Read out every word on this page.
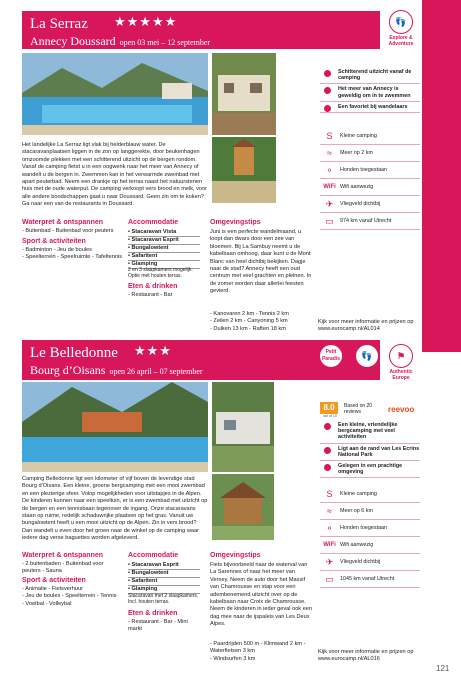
Franse Alpen - Frankrijk
La Serraz ★★★★★
Annecy Doussard open 03 mei – 12 september
👣
Explore & Adventure
Het landelijke La Serraz ligt vlak bij helderblauw water. De stacaravanplaatsen liggen in de zon op langgerekte, door beukenhagen omzoomde plekken met een schitterend uitzicht op de bergen rondom. Vanaf de camping fietst u in een oogwenk naar het meer van Annecy of wandelt u de bergen in. Zwemmen kan in het verwarmde zwembad met apart peuterbad. Neem een drankje op het terras naast het natuurstenen huis met de oude waterput. De camping verkoopt vers brood en melk, voor alle andere boodschappen gaat u naar Doussard. Geen zin om te koken? Ga naar een van de restaurants in Doussard.
Waterpret & ontspannen
- Buitenbad - Buitenbad voor peuters
Sport & activiteiten
- Badminton - Jeu de boules
- Speelterrein - Speelruimte - Tafeltennis
Accommodatie
• Stacaravan Vista
• Stacaravan Esprit
• Bungalowtent
• Safaritent
• Glamping
2 en 3 slaapkamers mogelijk. Optie met houten terras.
Eten & drinken
- Restaurant - Bar
Omgevingstips
Juni is een perfecte wandelmaand, u loopt dan dwars door een zee van bloemen. Bij La Sambuy neemt u de kabelbaan omhoog, daar kunt u de Mont Blanc van heel dichtbij bekijken. Dagje naar de stad? Annecy heeft een oud centrum met veel grachten en pleinen. In de zomer worden daar allerlei feesten gevierd.
- Kanovaren 2 km - Tennis 2 km
- Zeilen 2 km - Canyoning 5 km
- Duiken 13 km - Raften 18 km
Kijk voor meer informatie en prijzen op
www.eurocamp.nl/AL014
Schitterend uitzicht vanaf de camping
Het meer van Annecy is geweldig om in te zwemmen
Een favoriet bij wandelaars
S	Kleine camping
≈	Meer op 2 km
⚬	Honden toegestaan
WiFi Wifi aanwezig
✈	Vliegveld dichtbij
▭	974 km vanaf Utrecht
Le Belledonne ★★★
Bourg d’Oisans open 26 april – 07 september
Petit Paradis	👣
Explore & Adventure
⚑
Authentic Europe
8.0
out of 10
Based on 20 reviews	reevoo
Camping Belledonne ligt een kilometer of vijf boven de levendige stad Bourg d’Oisans. Een kleine, groene bergcamping met een mooi zwembad en een plezierige sfeer. Volop mogelijkheden voor uitstapjes in de Alpen. De kinderen kunnen naar een speeltuin, er is een zwembad met uitzicht op de bergen en een tennisbaan tegenover de ingang. Onze stacaravans staan op ruime, redelijk schaduwrijke plaatsen op het gras. Vanuit uw bungalowtent heeft u een mooi uitzicht op de Alpen. Zin in vers brood? Dan wandelt u even door het groen naar de winkel op de camping waar iedere dag verse baguettes worden afgeleverd.
Waterpret & ontspannen
- 2 buitenbaden - Buitenbad voor peuters - Sauna
Sport & activiteiten
- Animatie - Fietsverhuur
- Jeu de boules - Speelterrein - Tennis
- Voetbal - Volleybal
Accommodatie
• Stacaravan Esprit
• Bungalowtent
• Safaritent
• Glamping
Stacaravan met 2 slaapkamers. Incl. houten terras.
Eten & drinken
- Restaurant - Bar - Mini markt
Omgevingstips
Fiets bijvoorbeeld naar de waterval van La Sarennes of naar het meer van Verney. Neem de auto door het Massif van Chamrousse en stap voor een adembenemend uitzicht over op de kabelbaan naar Croix de Chamrousse. Neem de kinderen in ieder geval ook een dag mee naar de ijspaleis van Les Deux Alpes.
- Paardrijden 500 m - Klimwand 2 km - Waterfietsen 3 km
- Windsurfen 3 km
Kijk voor meer informatie en prijzen op
www.eurocamp.nl/AL016
Een kleine, vriendelijke bergcamping met veel activiteiten
Ligt aan de rand van Les Ecrins National Park
Gelegen in een prachtige omgeving
S	Kleine camping
≈	Meer op 6 km
⚬	Honden toegestaan
WiFi Wifi aanwezig
✈	Vliegveld dichtbij
▭	1045 km vanaf Utrecht
121
